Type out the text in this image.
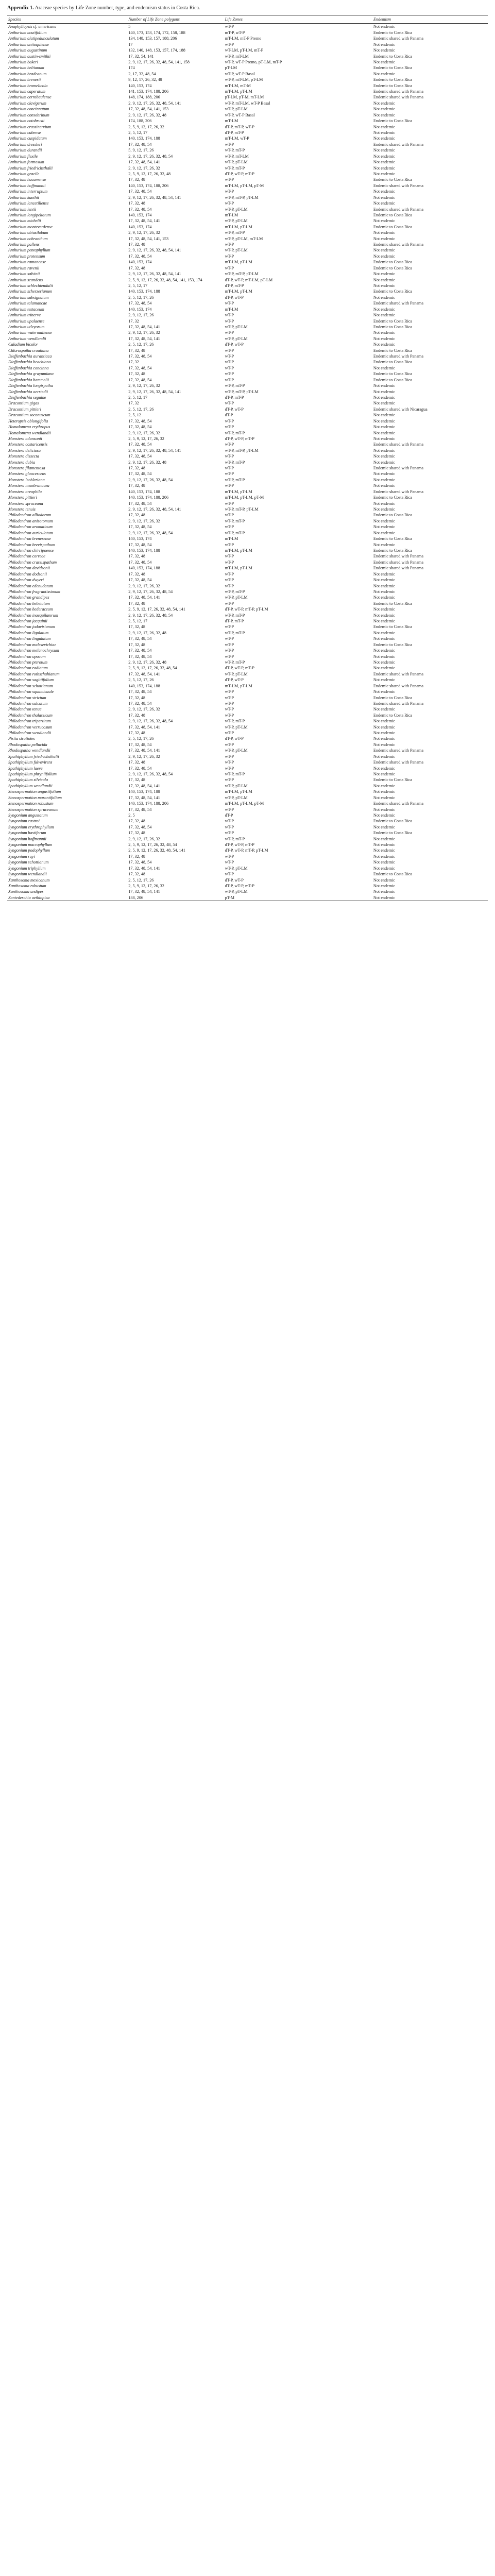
Appendix 1. Araceae species by Life Zone number, type, and endemism status in Costa Rica.

Species	Number of Life Zone polygons	Life Zones	Endemism
Anaphyllopsis cf. americana	5	wT-P	Not endemic
Anthurium acutifolium	140, 173, 153, 174, 172, 158, 188	mT-P, wT-P	Endemic to Costa Rica
Anthurium alatipedunculatum	134, 148, 153, 157, 188, 206	mT-LM, mT-P Premo	Endemic shared with Panama
Anthurium antioquiense	17	wT-P	Not endemic
Anthurium augustinum	132, 140, 148, 153, 157, 174, 188	wT-LM, pT-LM, mT-P	Not endemic
Anthurium austin-smithii	17, 32, 54, 141	wT-P, mT-LM	Endemic to Costa Rica
Anthurium bakeri	2, 9, 12, 17, 26, 32, 48, 54, 141, 158	wT-P, wT-P Premo, pT-LM, mT-P	Not endemic
Anthurium beltianum	174	pT-LM	Endemic to Costa Rica
Anthurium bradeanum	2, 17, 32, 48, 54	wT-P, wT-P Basal	Not endemic
Anthurium brenesii	9, 12, 17, 26, 32, 48	wT-P, mT-LM, pT-LM	Endemic to Costa Rica
Anthurium bromelicola	140, 153, 174	mT-LM, mT-M	Endemic to Costa Rica
Anthurium caperatum	141, 153, 174, 188, 206	mT-LM, pT-LM	Endemic shared with Panama
Anthurium cerrobaulense	148, 174, 188, 206	pT-LM, pT-M, mT-LM	Endemic shared with Panama
Anthurium clavigerum	2, 9, 12, 17, 26, 32, 48, 54, 141	wT-P, mT-LM, wT-P Basal	Not endemic
Anthurium concinnatum	17, 32, 48, 54, 141, 153	wT-P, pT-LM	Not endemic
Anthurium consobrinum	2, 9, 12, 17, 26, 32, 48	wT-P, wT-P Basal	Not endemic
Anthurium cotobrusii	174, 188, 206	mT-LM	Endemic to Costa Rica
Anthurium crassinervium	2, 5, 9, 12, 17, 26, 32	dT-P, mT-P, wT-P	Not endemic
Anthurium cubense	2, 5, 12, 17	dT-P, mT-P	Not endemic
Anthurium cuspidatum	140, 153, 174, 188	mT-LM, wT-P	Not endemic
Anthurium dressleri	17, 32, 48, 54	wT-P	Endemic shared with Panama
Anthurium durandii	5, 9, 12, 17, 26	wT-P, mT-P	Not endemic
Anthurium flexile	2, 9, 12, 17, 26, 32, 48, 54	wT-P, mT-LM	Not endemic
Anthurium formosum	17, 32, 48, 54, 141	wT-P, pT-LM	Not endemic
Anthurium friedrichsthalii	2, 9, 12, 17, 26, 32	wT-P, mT-P	Not endemic
Anthurium gracile	2, 5, 9, 12, 17, 26, 32, 48	dT-P, wT-P, mT-P	Not endemic
Anthurium hacumense	17, 32, 48	wT-P	Endemic to Costa Rica
Anthurium hoffmannii	140, 153, 174, 188, 206	mT-LM, pT-LM, pT-M	Endemic shared with Panama
Anthurium interruptum	17, 32, 48, 54	wT-P	Not endemic
Anthurium kunthii	2, 9, 12, 17, 26, 32, 48, 54, 141	wT-P, mT-P, pT-LM	Not endemic
Anthurium lancetillense	17, 32, 48	wT-P	Not endemic
Anthurium lentii	17, 32, 48, 54	wT-P, pT-LM	Endemic shared with Panama
Anthurium longipeltatum	140, 153, 174	mT-LM	Endemic to Costa Rica
Anthurium michelii	17, 32, 48, 54, 141	wT-P, pT-LM	Not endemic
Anthurium monteverdense	140, 153, 174	mT-LM, pT-LM	Endemic to Costa Rica
Anthurium obtusilobum	2, 9, 12, 17, 26, 32	wT-P, mT-P	Not endemic
Anthurium ochranthum	17, 32, 48, 54, 141, 153	wT-P, pT-LM, mT-LM	Not endemic
Anthurium pallens	17, 32, 48	wT-P	Endemic shared with Panama
Anthurium pentaphyllum	2, 9, 12, 17, 26, 32, 48, 54, 141	wT-P, pT-LM	Not endemic
Anthurium protensum	17, 32, 48, 54	wT-P	Not endemic
Anthurium ramonense	140, 153, 174	mT-LM, pT-LM	Endemic to Costa Rica
Anthurium ravenii	17, 32, 48	wT-P	Endemic to Costa Rica
Anthurium salvinii	2, 9, 12, 17, 26, 32, 48, 54, 141	wT-P, mT-P, pT-LM	Not endemic
Anthurium scandens	2, 5, 9, 12, 17, 26, 32, 48, 54, 141, 153, 174	dT-P, wT-P, mT-LM, pT-LM	Not endemic
Anthurium schlechtendalii	2, 5, 12, 17	dT-P, mT-P	Not endemic
Anthurium scherzerianum	140, 153, 174, 188	mT-LM, pT-LM	Endemic to Costa Rica
Anthurium subsignatum	2, 5, 12, 17, 26	dT-P, wT-P	Not endemic
Anthurium talamancae	17, 32, 48, 54	wT-P	Endemic shared with Panama
Anthurium testaceum	140, 153, 174	mT-LM	Not endemic
Anthurium trinerve	2, 9, 12, 17, 26	wT-P	Not endemic
Anthurium upalaense	17, 32	wT-P	Endemic to Costa Rica
Anthurium utleyorum	17, 32, 48, 54, 141	wT-P, pT-LM	Endemic to Costa Rica
Anthurium watermaliense	2, 9, 12, 17, 26, 32	wT-P	Not endemic
Anthurium wendlandii	17, 32, 48, 54, 141	wT-P, pT-LM	Not endemic
Caladium bicolor	2, 5, 12, 17, 26	dT-P, wT-P	Not endemic
Chlorospatha croatiana	17, 32, 48	wT-P	Endemic to Costa Rica
Dieffenbachia aurantiaca	17, 32, 48, 54	wT-P	Endemic shared with Panama
Dieffenbachia beachiana	17, 32	wT-P	Endemic to Costa Rica
Dieffenbachia concinna	17, 32, 48, 54	wT-P	Not endemic
Dieffenbachia grayumiana	17, 32, 48	wT-P	Endemic to Costa Rica
Dieffenbachia hammelii	17, 32, 48, 54	wT-P	Endemic to Costa Rica
Dieffenbachia longispatha	2, 9, 12, 17, 26, 32	wT-P, mT-P	Not endemic
Dieffenbachia oerstedii	2, 9, 12, 17, 26, 32, 48, 54, 141	wT-P, mT-P, pT-LM	Not endemic
Dieffenbachia seguine	2, 5, 12, 17	dT-P, mT-P	Not endemic
Dracontium gigas	17, 32	wT-P	Not endemic
Dracontium pittieri	2, 5, 12, 17, 26	dT-P, wT-P	Endemic shared with Nicaragua
Dracontium soconuscum	2, 5, 12	dT-P	Not endemic
Heteropsis oblongifolia	17, 32, 48, 54	wT-P	Not endemic
Homalomena erythropus	17, 32, 48, 54	wT-P	Not endemic
Homalomena wendlandii	2, 9, 12, 17, 26, 32	wT-P, mT-P	Not endemic
Monstera adansonii	2, 5, 9, 12, 17, 26, 32	dT-P, wT-P, mT-P	Not endemic
Monstera costaricensis	17, 32, 48, 54	wT-P	Endemic shared with Panama
Monstera deliciosa	2, 9, 12, 17, 26, 32, 48, 54, 141	wT-P, mT-P, pT-LM	Not endemic
Monstera dissecta	17, 32, 48, 54	wT-P	Not endemic
Monstera dubia	2, 9, 12, 17, 26, 32, 48	wT-P, mT-P	Not endemic
Monstera filamentosa	17, 32, 48	wT-P	Endemic shared with Panama
Monstera glaucescens	17, 32, 48, 54	wT-P	Not endemic
Monstera lechleriana	2, 9, 12, 17, 26, 32, 48, 54	wT-P, mT-P	Not endemic
Monstera membranacea	17, 32, 48	wT-P	Not endemic
Monstera oreophila	140, 153, 174, 188	mT-LM, pT-LM	Endemic shared with Panama
Monstera pittieri	140, 153, 174, 188, 206	mT-LM, pT-LM, pT-M	Endemic to Costa Rica
Monstera spruceana	17, 32, 48, 54	wT-P	Not endemic
Monstera tenuis	2, 9, 12, 17, 26, 32, 48, 54, 141	wT-P, mT-P, pT-LM	Not endemic
Philodendron alliodorum	17, 32, 48	wT-P	Endemic to Costa Rica
Philodendron anisotomum	2, 9, 12, 17, 26, 32	wT-P, mT-P	Not endemic
Philodendron aromaticum	17, 32, 48, 54	wT-P	Not endemic
Philodendron auriculatum	2, 9, 12, 17, 26, 32, 48, 54	wT-P, mT-P	Not endemic
Philodendron brenesense	140, 153, 174	mT-LM	Endemic to Costa Rica
Philodendron brevispathum	17, 32, 48, 54	wT-P	Not endemic
Philodendron chirripoense	140, 153, 174, 188	mT-LM, pT-LM	Endemic to Costa Rica
Philodendron correae	17, 32, 48	wT-P	Endemic shared with Panama
Philodendron crassispathum	17, 32, 48, 54	wT-P	Endemic shared with Panama
Philodendron davidsonii	140, 153, 174, 188	mT-LM, pT-LM	Endemic shared with Panama
Philodendron dodsonii	17, 32, 48	wT-P	Not endemic
Philodendron dwyeri	17, 32, 48, 54	wT-P	Not endemic
Philodendron edenudatum	2, 9, 12, 17, 26, 32	wT-P	Not endemic
Philodendron fragrantissimum	2, 9, 12, 17, 26, 32, 48, 54	wT-P, mT-P	Not endemic
Philodendron grandipes	17, 32, 48, 54, 141	wT-P, pT-LM	Not endemic
Philodendron hebetatum	17, 32, 48	wT-P	Endemic to Costa Rica
Philodendron hederaceum	2, 5, 9, 12, 17, 26, 32, 48, 54, 141	dT-P, wT-P, mT-P, pT-LM	Not endemic
Philodendron inaequilaterum	2, 9, 12, 17, 26, 32, 48, 54	wT-P, mT-P	Not endemic
Philodendron jacquinii	2, 5, 12, 17	dT-P, mT-P	Not endemic
Philodendron jodavisianum	17, 32, 48	wT-P	Endemic to Costa Rica
Philodendron ligulatum	2, 9, 12, 17, 26, 32, 48	wT-P, mT-P	Not endemic
Philodendron lingulatum	17, 32, 48, 54	wT-P	Not endemic
Philodendron malesevichiae	17, 32, 48	wT-P	Endemic to Costa Rica
Philodendron melanochrysum	17, 32, 48, 54	wT-P	Not endemic
Philodendron opacum	17, 32, 48, 54	wT-P	Not endemic
Philodendron pterotum	2, 9, 12, 17, 26, 32, 48	wT-P, mT-P	Not endemic
Philodendron radiatum	2, 5, 9, 12, 17, 26, 32, 48, 54	dT-P, wT-P, mT-P	Not endemic
Philodendron rothschuhianum	17, 32, 48, 54, 141	wT-P, pT-LM	Endemic shared with Panama
Philodendron sagittifolium	2, 5, 12, 17, 26	dT-P, wT-P	Not endemic
Philodendron schottianum	140, 153, 174, 188	mT-LM, pT-LM	Endemic shared with Panama
Philodendron squamicaule	17, 32, 48, 54	wT-P	Not endemic
Philodendron strictum	17, 32, 48	wT-P	Endemic to Costa Rica
Philodendron sulcatum	17, 32, 48, 54	wT-P	Endemic shared with Panama
Philodendron tenue	2, 9, 12, 17, 26, 32	wT-P	Not endemic
Philodendron thalassicum	17, 32, 48	wT-P	Endemic to Costa Rica
Philodendron tripartitum	2, 9, 12, 17, 26, 32, 48, 54	wT-P, mT-P	Not endemic
Philodendron verrucosum	17, 32, 48, 54, 141	wT-P, pT-LM	Not endemic
Philodendron wendlandii	17, 32, 48	wT-P	Not endemic
Pistia stratiotes	2, 5, 12, 17, 26	dT-P, wT-P	Not endemic
Rhodospatha pellucida	17, 32, 48, 54	wT-P	Not endemic
Rhodospatha wendlandii	17, 32, 48, 54, 141	wT-P, pT-LM	Endemic shared with Panama
Spathiphyllum friedrichsthalii	2, 9, 12, 17, 26, 32	wT-P	Not endemic
Spathiphyllum fulvovirens	17, 32, 48	wT-P	Endemic shared with Panama
Spathiphyllum laeve	17, 32, 48, 54	wT-P	Not endemic
Spathiphyllum phryniifolium	2, 9, 12, 17, 26, 32, 48, 54	wT-P, mT-P	Not endemic
Spathiphyllum silvicola	17, 32, 48	wT-P	Endemic to Costa Rica
Spathiphyllum wendlandii	17, 32, 48, 54, 141	wT-P, pT-LM	Not endemic
Stenospermation angustifolium	140, 153, 174, 188	mT-LM, pT-LM	Not endemic
Stenospermation marantifolium	17, 32, 48, 54, 141	wT-P, pT-LM	Not endemic
Stenospermation robustum	140, 153, 174, 188, 206	mT-LM, pT-LM, pT-M	Endemic shared with Panama
Stenospermation spruceanum	17, 32, 48, 54	wT-P	Not endemic
Syngonium angustatum	2, 5	dT-P	Not endemic
Syngonium castroi	17, 32, 48	wT-P	Endemic to Costa Rica
Syngonium erythrophyllum	17, 32, 48, 54	wT-P	Not endemic
Syngonium hastiferum	17, 32, 48	wT-P	Endemic to Costa Rica
Syngonium hoffmannii	2, 9, 12, 17, 26, 32	wT-P, mT-P	Not endemic
Syngonium macrophyllum	2, 5, 9, 12, 17, 26, 32, 48, 54	dT-P, wT-P, mT-P	Not endemic
Syngonium podophyllum	2, 5, 9, 12, 17, 26, 32, 48, 54, 141	dT-P, wT-P, mT-P, pT-LM	Not endemic
Syngonium rayi	17, 32, 48	wT-P	Not endemic
Syngonium schottianum	17, 32, 48, 54	wT-P	Not endemic
Syngonium triphyllum	17, 32, 48, 54, 141	wT-P, pT-LM	Not endemic
Syngonium wendlandii	17, 32, 48	wT-P	Endemic to Costa Rica
Xanthosoma mexicanum	2, 5, 12, 17, 26	dT-P, wT-P	Not endemic
Xanthosoma robustum	2, 5, 9, 12, 17, 26, 32	dT-P, wT-P, mT-P	Not endemic
Xanthosoma undipes	17, 32, 48, 54, 141	wT-P, pT-LM	Not endemic
Zantedeschia aethiopica	188, 206	pT-M	Not endemic
